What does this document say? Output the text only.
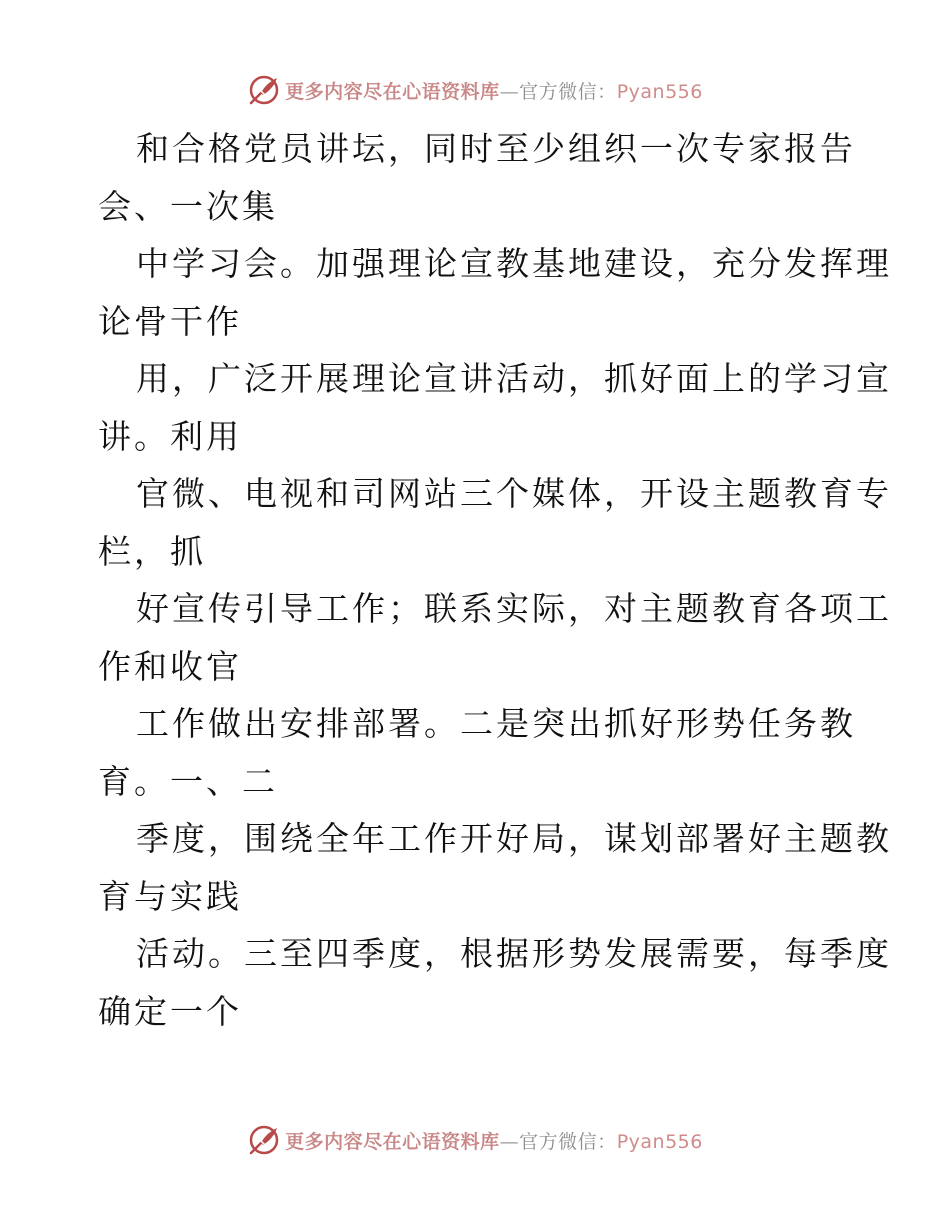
更多内容尽在心语资料库—官方微信：Pyan556
和合格党员讲坛，同时至少组织一次专家报告
会、一次集
中学习会。加强理论宣教基地建设，充分发挥理
论骨干作
用，广泛开展理论宣讲活动，抓好面上的学习宣
讲。利用
官微、电视和司网站三个媒体，开设主题教育专
栏，抓
好宣传引导工作；联系实际，对主题教育各项工
作和收官
工作做出安排部署。二是突出抓好形势任务教
育。一、二
季度，围绕全年工作开好局，谋划部署好主题教
育与实践
活动。三至四季度，根据形势发展需要，每季度
确定一个
更多内容尽在心语资料库—官方微信：Pyan556
